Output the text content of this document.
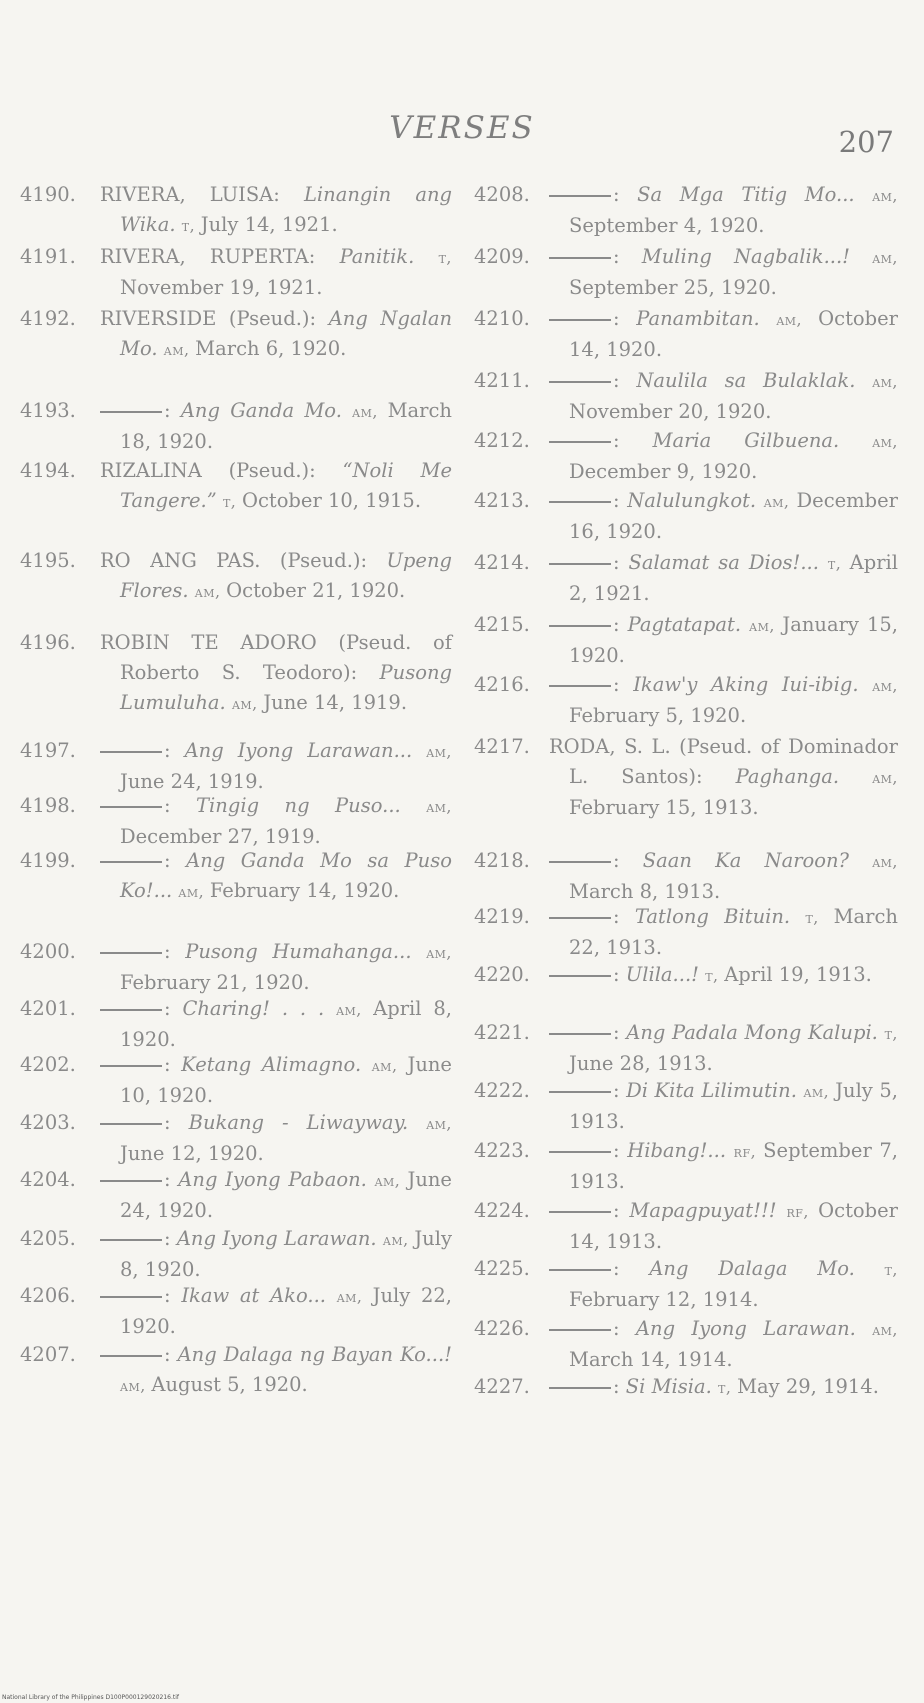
VERSES	207
4190. RIVERA, LUISA: Linangin ang Wika. t, July 14, 1921.
4191. RIVERA, RUPERTA: Panitik. t, November 19, 1921.
4192. RIVERSIDE (Pseud.): Ang Ngalan Mo. am, March 6, 1920.
4193.	: Ang Ganda Mo. am, March 18, 1920.
4194. RIZALINA (Pseud.): “Noli Me Tangere.” t, October 10, 1915.
4195. RO ANG PAS. (Pseud.): Upeng Flores. am, October 21, 1920.
4196. ROBIN TE ADORO (Pseud. of Roberto S. Teodoro): Pusong Lumuluha. am, June 14, 1919.
4197.	: Ang Iyong Larawan... am, June 24, 1919.
4198.	: Tingig ng Puso... am, December 27, 1919.
4199.	: Ang Ganda Mo sa Puso Ko!... am, February 14, 1920.
4200.	: Pusong Humahanga... am, February 21, 1920.
4201.	: Charing! . . . am, April 8, 1920.
4202.	: Ketang Alimagno. am, June 10, 1920.
4203.	: Bukang - Liwayway. am, June 12, 1920.
4204.	: Ang Iyong Pabaon. am, June 24, 1920.
4205.	: Ang Iyong Larawan. am, July 8, 1920.
4206.	: Ikaw at Ako... am, July 22, 1920.
4207.	: Ang Dalaga ng Bayan Ko...! am, August 5, 1920.
4208.	: Sa Mga Titig Mo... am, September 4, 1920.
4209.	: Muling Nagbalik...! am, September 25, 1920.
4210.	: Panambitan. am, October 14, 1920.
4211.	: Naulila sa Bulaklak. am, November 20, 1920.
4212.	: Maria Gilbuena. am, December 9, 1920.
4213.	: Nalulungkot. am, December 16, 1920.
4214.	: Salamat sa Dios!... t, April 2, 1921.
4215.	: Pagtatapat. am, January 15, 1920.
4216.	: Ikaw'y Aking Iui-ibig. am, February 5, 1920.
4217. RODA, S. L. (Pseud. of Dominador L. Santos): Paghanga. am, February 15, 1913.
4218.	: Saan Ka Naroon? am, March 8, 1913.
4219.	: Tatlong Bituin. t, March 22, 1913.
4220.	: Ulila...! t, April 19, 1913.
4221.	: Ang Padala Mong Kalupi. t, June 28, 1913.
4222.	: Di Kita Lilimutin. am, July 5, 1913.
4223.	: Hibang!... rf, September 7, 1913.
4224.	: Mapagpuyat!!! rf, October 14, 1913.
4225.	: Ang Dalaga Mo. t, February 12, 1914.
4226.	: Ang Iyong Larawan. am, March 14, 1914.
4227.	: Si Misia. t, May 29, 1914.
National Library of the Philippines D100P000129020216.tif
